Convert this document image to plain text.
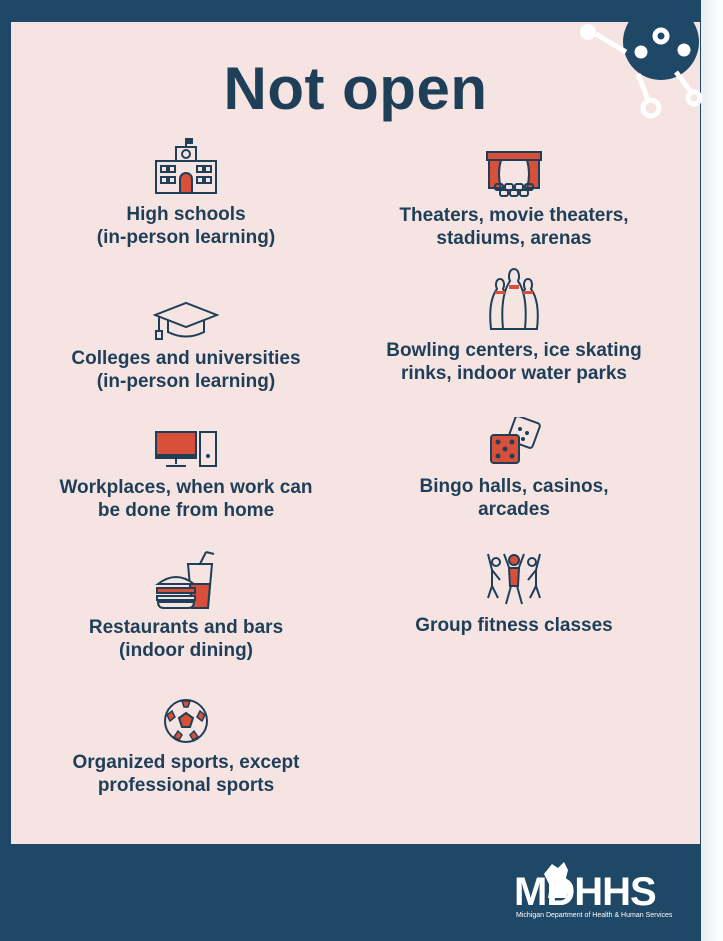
Not open
High schools
(in-person learning)
Theaters, movie theaters,
stadiums, arenas
Colleges and universities
(in-person learning)
Bowling centers, ice skating
rinks, indoor water parks
Workplaces, when work can
be done from home
Bingo halls, casinos,
arcades
Restaurants and bars
(indoor dining)
Group fitness classes
Organized sports, except
professional sports
MDHHS
Michigan Department of Health & Human Services
